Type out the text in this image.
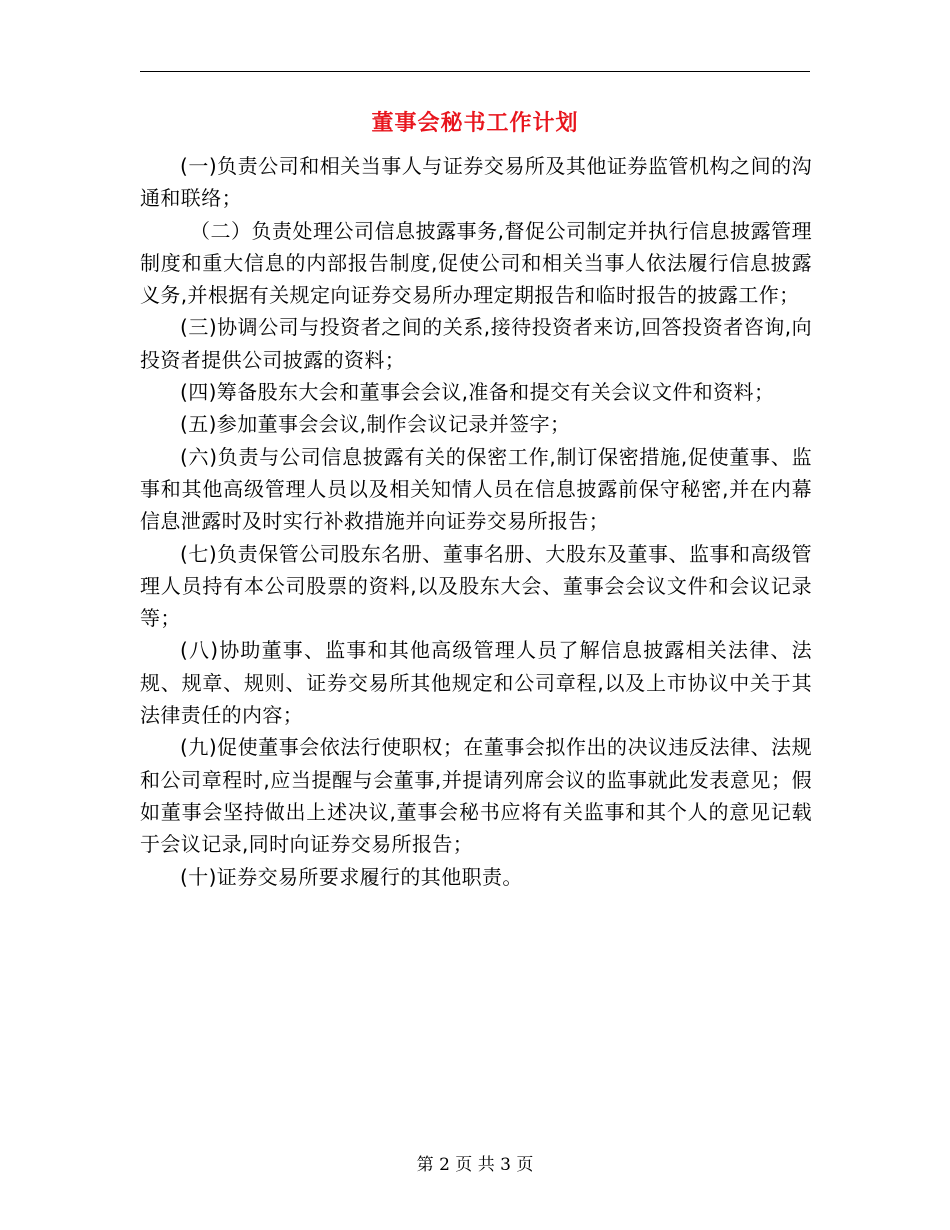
董事会秘书工作计划

(一)负责公司和相关当事人与证券交易所及其他证券监管机构之间的沟通和联络；

（二）负责处理公司信息披露事务,督促公司制定并执行信息披露管理制度和重大信息的内部报告制度,促使公司和相关当事人依法履行信息披露义务,并根据有关规定向证券交易所办理定期报告和临时报告的披露工作；

(三)协调公司与投资者之间的关系,接待投资者来访,回答投资者咨询,向投资者提供公司披露的资料；

(四)筹备股东大会和董事会会议,准备和提交有关会议文件和资料；

(五)参加董事会会议,制作会议记录并签字；

(六)负责与公司信息披露有关的保密工作,制订保密措施,促使董事、监事和其他高级管理人员以及相关知情人员在信息披露前保守秘密,并在内幕信息泄露时及时实行补救措施并向证券交易所报告；

(七)负责保管公司股东名册、董事名册、大股东及董事、监事和高级管理人员持有本公司股票的资料,以及股东大会、董事会会议文件和会议记录等；

(八)协助董事、监事和其他高级管理人员了解信息披露相关法律、法规、规章、规则、证券交易所其他规定和公司章程,以及上市协议中关于其法律责任的内容；

(九)促使董事会依法行使职权；在董事会拟作出的决议违反法律、法规和公司章程时,应当提醒与会董事,并提请列席会议的监事就此发表意见；假如董事会坚持做出上述决议,董事会秘书应将有关监事和其个人的意见记载于会议记录,同时向证券交易所报告；

(十)证券交易所要求履行的其他职责。

第 2 页 共 3 页
